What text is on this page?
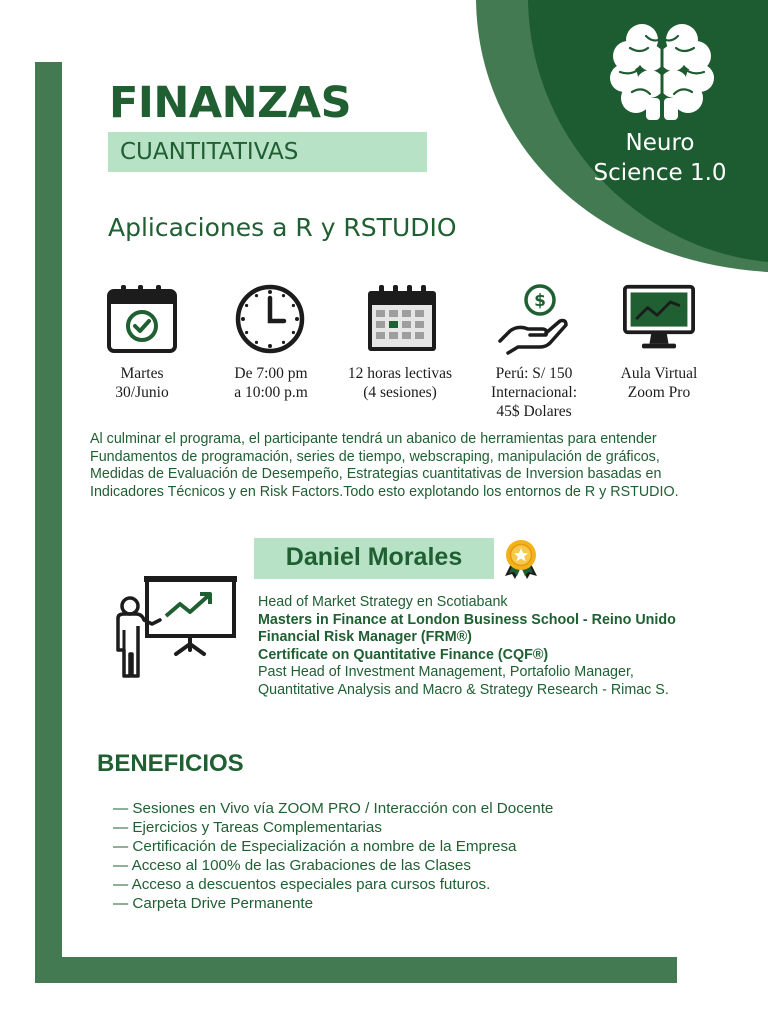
Neuro
Science 1.0
FINANZAS
CUANTITATIVAS
Aplicaciones a R y RSTUDIO
$
Martes
30/Junio
De 7:00 pm
a 10:00 p.m
12 horas lectivas
(4 sesiones)
Perú: S/ 150
Internacional:
45$ Dolares
Aula Virtual
Zoom Pro
Al culminar el programa, el participante tendrá un abanico de herramientas para entender
Fundamentos de programación, series de tiempo, webscraping, manipulación de gráficos,
Medidas de Evaluación de Desempeño, Estrategias cuantitativas de Inversion basadas en
Indicadores Técnicos y en Risk Factors.Todo esto explotando los entornos de R y RSTUDIO.
Daniel Morales
Head of Market Strategy en Scotiabank
Masters in Finance at London Business School - Reino Unido
Financial Risk Manager (FRM®)
Certificate on Quantitative Finance (CQF®)
Past Head of Investment Management, Portafolio Manager,
Quantitative Analysis and Macro & Strategy Research - Rimac S.
BENEFICIOS
— Sesiones en Vivo vía ZOOM PRO / Interacción con el Docente
— Ejercicios y Tareas Complementarias
— Certificación de Especialización a nombre de la Empresa
— Acceso al 100% de las Grabaciones de las Clases
— Acceso a descuentos especiales para cursos futuros.
— Carpeta Drive Permanente
